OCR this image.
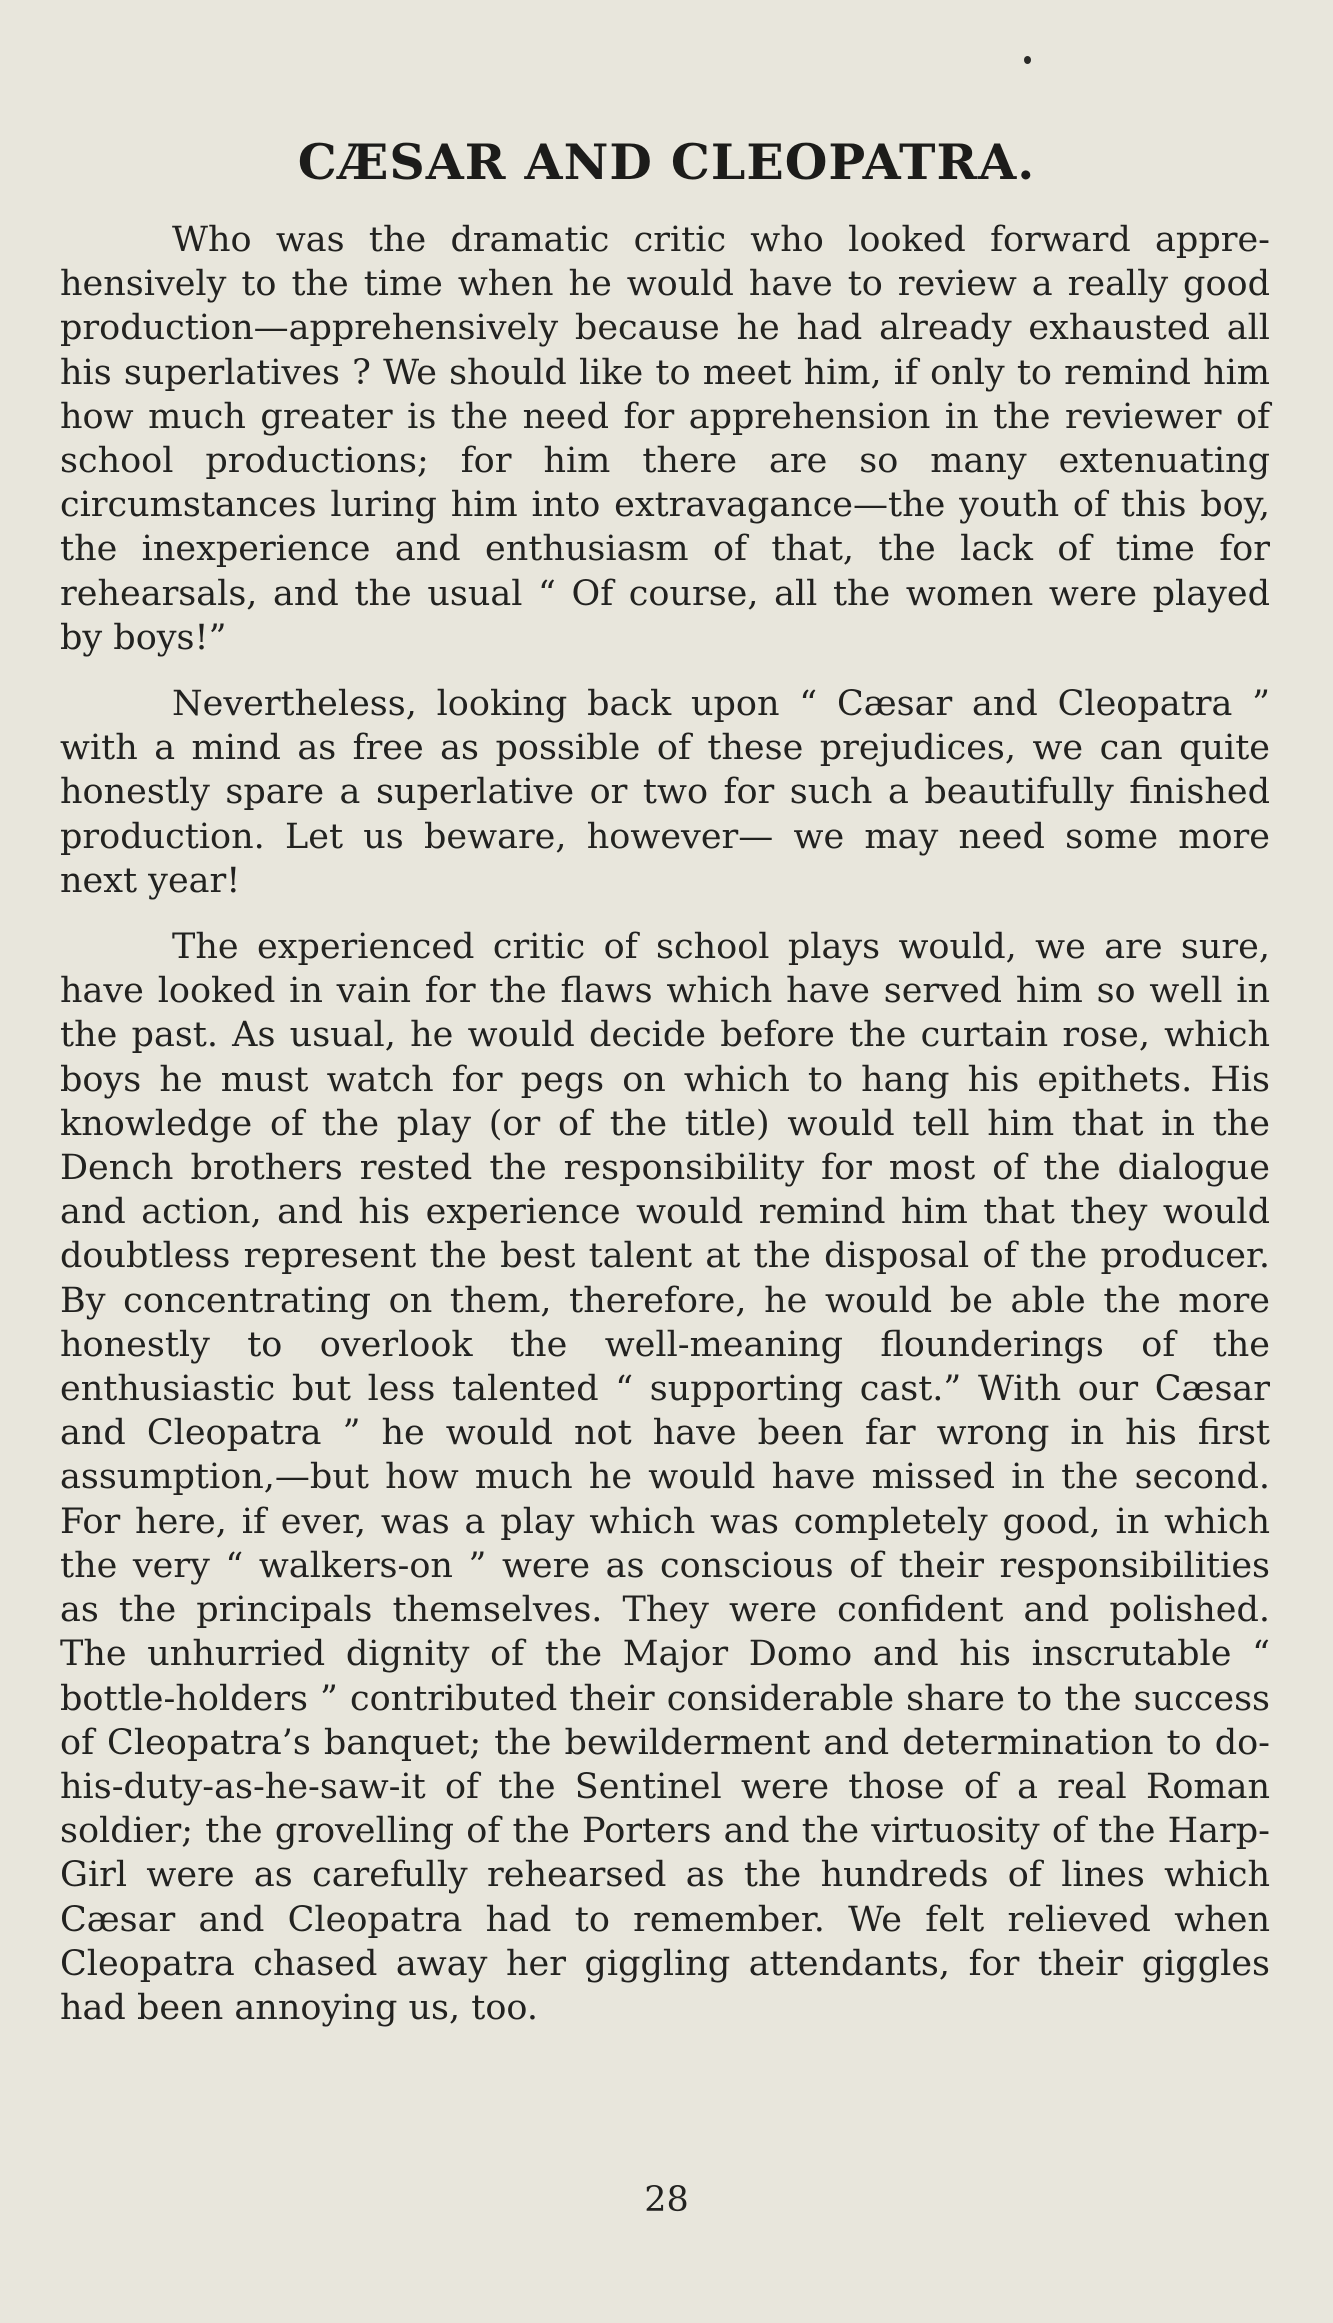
CÆSAR AND CLEOPATRA.

Who was the dramatic critic who looked forward apprehensively to the time when he would have to review a really good production—apprehensively because he had already exhausted all his superlatives ? We should like to meet him, if only to remind him how much greater is the need for apprehension in the reviewer of school productions; for him there are so many extenuating circumstances luring him into extravagance—the youth of this boy, the inexperience and enthusiasm of that, the lack of time for rehearsals, and the usual “ Of course, all the women were played by boys!”

Nevertheless, looking back upon “ Cæsar and Cleopatra ” with a mind as free as possible of these prejudices, we can quite honestly spare a superlative or two for such a beautifully finished production. Let us beware, however— we may need some more next year!

The experienced critic of school plays would, we are sure, have looked in vain for the flaws which have served him so well in the past. As usual, he would decide before the curtain rose, which boys he must watch for pegs on which to hang his epithets. His knowledge of the play (or of the title) would tell him that in the Dench brothers rested the responsibility for most of the dialogue and action, and his experience would remind him that they would doubtless represent the best talent at the disposal of the producer. By concentrating on them, therefore, he would be able the more honestly to overlook the well-meaning flounderings of the enthusiastic but less talented “ supporting cast.” With our Cæsar and Cleopatra ” he would not have been far wrong in his first assumption,—but how much he would have missed in the second. For here, if ever, was a play which was completely good, in which the very “ walkers-on ” were as conscious of their responsibilities as the principals themselves. They were confident and polished. The unhurried dignity of the Major Domo and his inscrutable “ bottle-holders ” contributed their considerable share to the success of Cleopatra’s banquet; the bewilderment and determination to do-his-duty-as-he-saw-it of the Sentinel were those of a real Roman soldier; the grovelling of the Porters and the virtuosity of the Harp-Girl were as carefully rehearsed as the hundreds of lines which Cæsar and Cleopatra had to remember. We felt relieved when Cleopatra chased away her giggling attendants, for their giggles had been annoying us, too.

28
